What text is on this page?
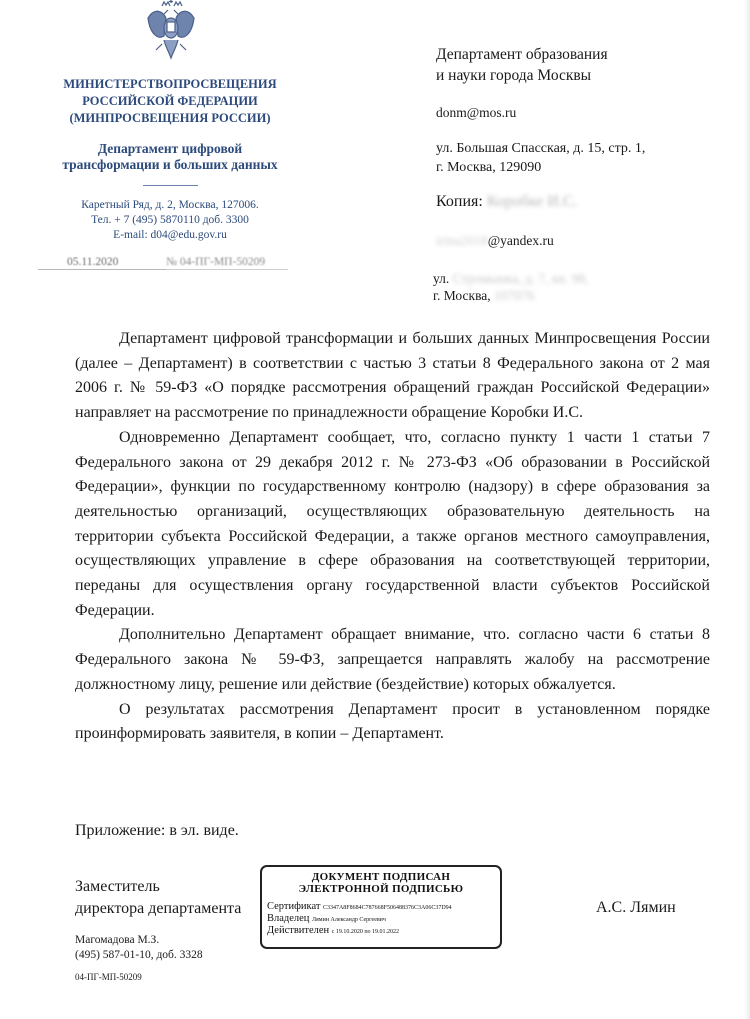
МИНИСТЕРСТВОПРОСВЕЩЕНИЯ
РОССИЙСКОЙ ФЕДЕРАЦИИ
(МИНПРОСВЕЩЕНИЯ РОССИИ)
Департамент цифровой
трансформации и больших данных
Каретный Ряд, д. 2, Москва, 127006.
Тел. + 7 (495) 5870110 доб. 3300
E-mail: d04@edu.gov.ru
05.11.2020	№ 04-ПГ-МП-50209
Департамент образования
и науки города Москвы
donm@mos.ru
ул. Большая Спасская, д. 15, стр. 1,
г. Москва, 129090
Копия: Коробке И.С.
irina2018@yandex.ru
ул. Стромынка, д. 7, кв. 98,
г. Москва, 107076

Департамент цифровой трансформации и больших данных Минпросвещения России (далее – Департамент) в соответствии с частью 3 статьи 8 Федерального закона от 2 мая 2006 г. № 59-ФЗ «О порядке рассмотрения обращений граждан Российской Федерации» направляет на рассмотрение по принадлежности обращение Коробки И.С.

Одновременно Департамент сообщает, что, согласно пункту 1 части 1 статьи 7 Федерального закона от 29 декабря 2012 г. № 273-ФЗ «Об образовании в Российской Федерации», функции по государственному контролю (надзору) в сфере образования за деятельностью организаций, осуществляющих образовательную деятельность на территории субъекта Российской Федерации, а также органов местного самоуправления, осуществляющих управление в сфере образования на соответствующей территории, переданы для осуществления органу государственной власти субъектов Российской Федерации.

Дополнительно Департамент обращает внимание, что. согласно части 6 статьи 8 Федерального закона № 59-ФЗ, запрещается направлять жалобу на рассмотрение должностному лицу, решение или действие (бездействие) которых обжалуется.

О результатах рассмотрения Департамент просит в установленном порядке проинформировать заявителя, в копии – Департамент.

Приложение: в эл. виде.
Заместитель
директора департамента
ДОКУМЕНТ ПОДПИСАН
ЭЛЕКТРОННОЙ ПОДПИСЬЮ
Сертификат С3347А8F8684С787668F506488376С3А06С37D94
Владелец Лямин Александр Сергеевич
Действителен с 19.10.2020 по 19.01.2022
А.С. Лямин
Магомадова М.З.
(495) 587-01-10, доб. 3328
04-ПГ-МП-50209
